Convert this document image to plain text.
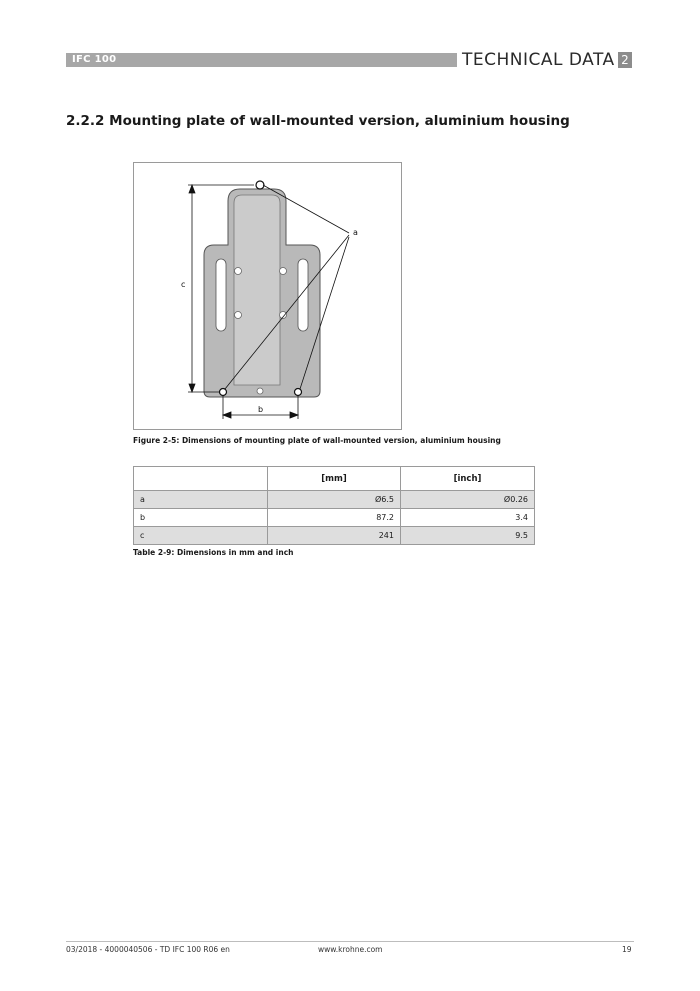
IFC 100	TECHNICAL DATA 2
2.2.2 Mounting plate of wall-mounted version, aluminium housing
a
c
b
Figure 2-5: Dimensions of mounting plate of wall-mounted version, aluminium housing
	[mm]	[inch]
a	Ø6.5	Ø0.26
b	87.2	3.4
c	241	9.5
Table 2-9: Dimensions in mm and inch
03/2018 - 4000040506 - TD IFC 100 R06 en	www.krohne.com	19
